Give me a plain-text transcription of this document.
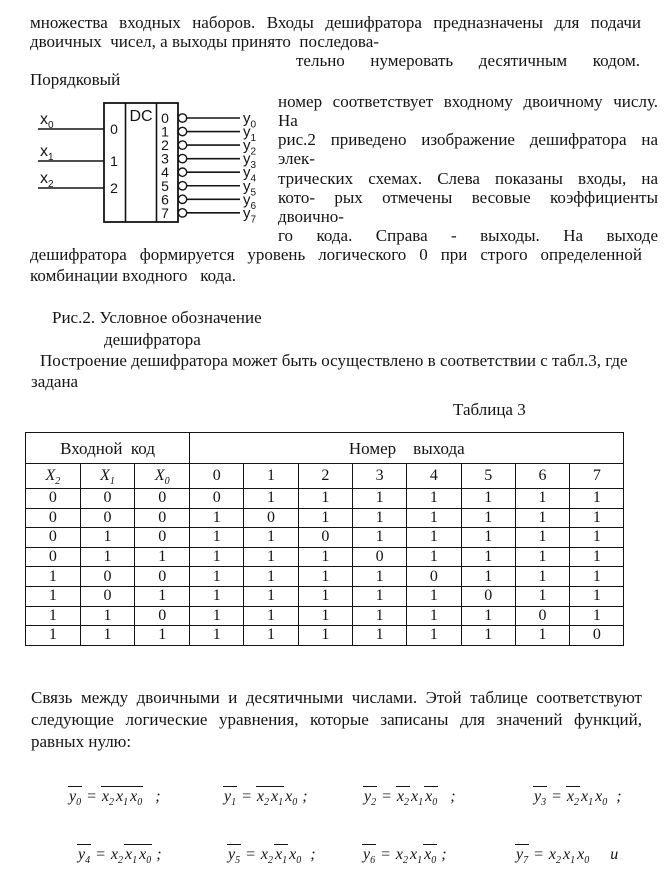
множества входных наборов. Входы дешифратора предназначены для подачи
двоичных  чисел, а выходы принято  последова-
тельно нумеровать десятичным кодом.
Порядковый
DC
$x_0$	0
$x_1$	1
$x_2$	2
0	$y_0$
1	$y_1$
2	$y_2$
3	$y_3$
4	$y_4$
5	$y_5$
6	$y_6$
7	$y_7$
номер соответствует входному двоичному числу.
На
рис.2 приведено изображение дешифратора на
элек-
трических схемах. Слева показаны входы, на
кото- рых отмечены весовые коэффициенты
двоично-
го кода. Справа - выходы. На выходе
дешифратора формируется уровень логического 0 при строго определенной
комбинации входного   кода.
Рис.2. Условное обозначение
дешифратора
Построение дешифратора может быть осуществлено в соответствии с табл.3, где
задана
Таблица 3
Входной  код			Номер    выхода							
$X_2$	$X_1$	$X_0$	0	1	2	3	4	5	6	7
0	0	0	0	1	1	1	1	1	1	1
0	0	0	1	0	1	1	1	1	1	1
0	1	0	1	1	0	1	1	1	1	1
0	1	1	1	1	1	0	1	1	1	1
1	0	0	1	1	1	1	0	1	1	1
1	0	1	1	1	1	1	1	0	1	1
1	1	0	1	1	1	1	1	1	0	1
1	1	1	1	1	1	1	1	1	1	0
Связь между двоичными и десятичными числами. Этой таблице соответствуют
следующие логические уравнения, которые записаны для значений функций,
равных нулю:
$y_0 = x_2$ $x_1$ $x_0$   ;	$y_1 = x_2$ $x_1$ $x_0$ ;	$y_2 = x_2$ $x_1$ $x_0$   ;	$y_3 = x_2$ $x_1$ $x_0$  ;
$y_4 = x_2$ $x_1$ $x_0$ ;	$y_5 = x_2$ $x_1$ $x_0$  ;	$y_6 = x_2$ $x_1$ $x_0$ ;	$y_7 = x_2$ $x_1$ $x_0$     и
